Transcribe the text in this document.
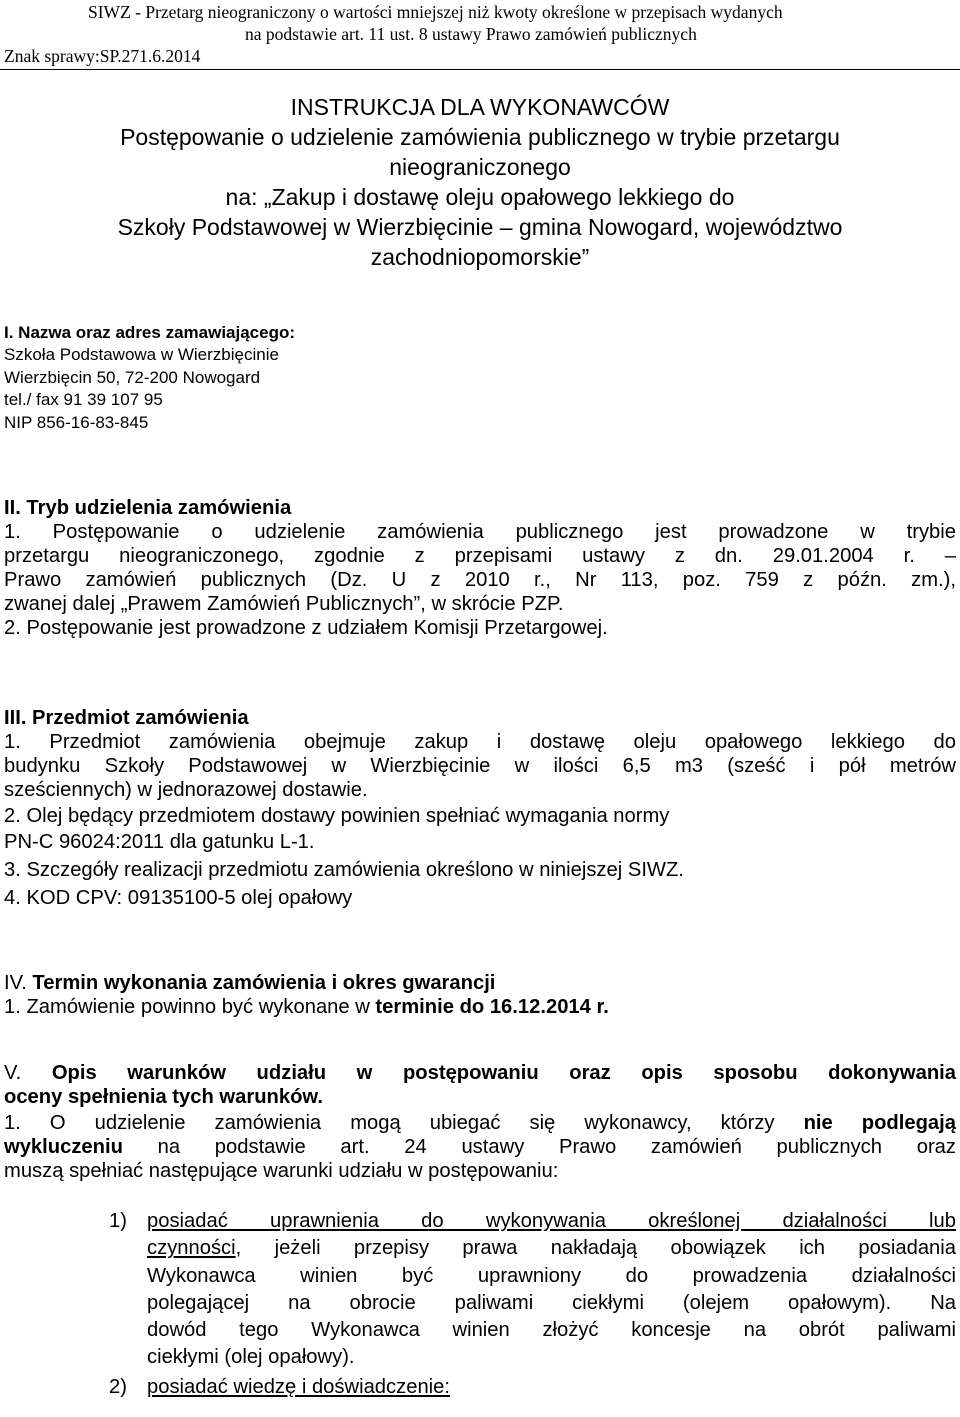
SIWZ - Przetarg nieograniczony o wartości mniejszej niż kwoty określone w przepisach wydanych
na podstawie art. 11 ust. 8 ustawy Prawo zamówień publicznych
Znak sprawy:SP.271.6.2014
INSTRUKCJA DLA WYKONAWCÓW
Postępowanie o udzielenie zamówienia publicznego w trybie przetargu
nieograniczonego
na: „Zakup i dostawę oleju opałowego lekkiego do
Szkoły Podstawowej w Wierzbięcinie – gmina Nowogard, województwo
zachodniopomorskie”
I. Nazwa oraz adres zamawiającego:
Szkoła Podstawowa w Wierzbięcinie
Wierzbięcin 50, 72-200 Nowogard
tel./ fax 91 39 107 95
NIP 856-16-83-845

II. Tryb udzielenia zamówienia

1. Postępowanie o udzielenie zamówienia publicznego jest prowadzone w trybie

przetargu nieograniczonego, zgodnie z przepisami ustawy z dn. 29.01.2004 r. –

Prawo zamówień publicznych (Dz. U z 2010 r., Nr 113, poz. 759 z późn. zm.),

zwanej dalej „Prawem Zamówień Publicznych”, w skrócie PZP.

2. Postępowanie jest prowadzone z udziałem Komisji Przetargowej.

III. Przedmiot zamówienia

1. Przedmiot zamówienia obejmuje zakup i dostawę oleju opałowego lekkiego do

budynku Szkoły Podstawowej w Wierzbięcinie w ilości 6,5 m3 (sześć i pół metrów

sześciennych) w jednorazowej dostawie.

2. Olej będący przedmiotem dostawy powinien spełniać wymagania normy

PN-C 96024:2011 dla gatunku L-1.

3. Szczegóły realizacji przedmiotu zamówienia określono w niniejszej SIWZ.

4. KOD CPV: 09135100-5 olej opałowy

IV. Termin wykonania zamówienia i okres gwarancji

1. Zamówienie powinno być wykonane w terminie do 16.12.2014 r.

V. Opis warunków udziału w postępowaniu oraz opis sposobu dokonywania

oceny spełnienia tych warunków.

1. O udzielenie zamówienia mogą ubiegać się wykonawcy, którzy nie podlegają

wykluczeniu na podstawie art. 24 ustawy Prawo zamówień publicznych oraz

muszą spełniać następujące warunki udziału w postępowaniu:

1) posiadać uprawnienia do wykonywania określonej działalności lub
czynności, jeżeli przepisy prawa nakładają obowiązek ich posiadania
Wykonawca winien być uprawniony do prowadzenia działalności
polegającej na obrocie paliwami ciekłymi (olejem opałowym). Na
dowód tego Wykonawca winien złożyć koncesje na obrót paliwami
ciekłymi (olej opałowy).
2) posiadać wiedzę i doświadczenie:
